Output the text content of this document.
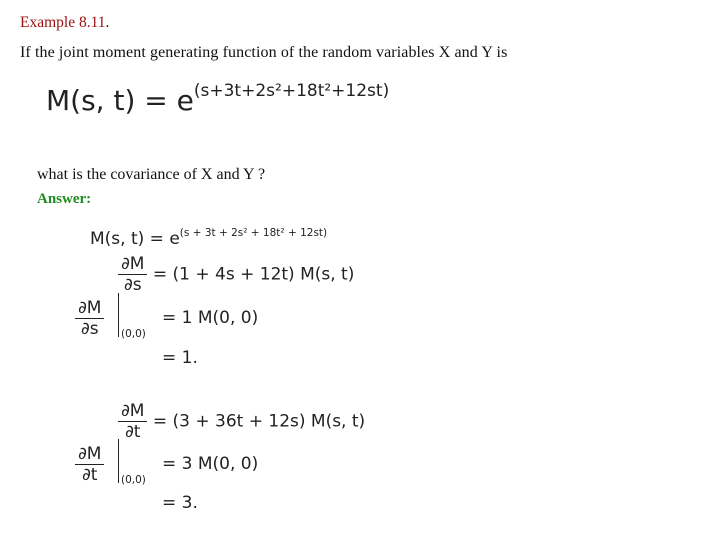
Example 8.11.
If the joint moment generating function of the random variables X and Y is
M(s, t) = e(s+3t+2s²+18t²+12st)
what is the covariance of X and Y ?
Answer:
M(s, $t) = e^{(s + 3t + 2s^2 + 18t^2 + 12st)}$
$\frac{\partial M}{\partial s} = (1 + 4s + 12t)$ M(s, t)
$\frac{\partial M}{\partial s} (0,0)$
= 1 M(0, 0)
= 1.
$\frac{\partial M}{\partial t} = (3 + 36t + 12s)$ M(s, t)
$\frac{\partial M}{\partial t} (0,0)$
= 3 M(0, 0)
= 3.
